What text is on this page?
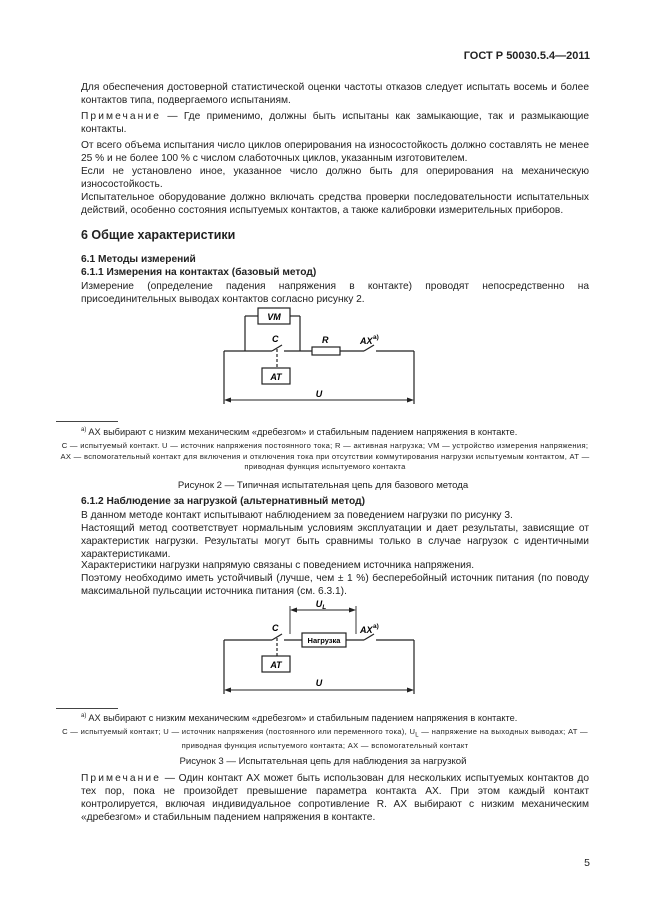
ГОСТ Р 50030.5.4—2011

Для обеспечения достоверной статистической оценки частоты отказов следует испытать восемь и более контактов типа, подвергаемого испытаниям.

Примечание — Где применимо, должны быть испытаны как замыкающие, так и размыкающие контакты.

От всего объема испытания число циклов оперирования на износостойкость должно составлять не менее 25 % и не более 100 % с числом слаботочных циклов, указанным изготовителем.

Если не установлено иное, указанное число должно быть для оперирования на механическую износостойкость.

Испытательное оборудование должно включать средства проверки последовательности испытательных действий, особенно состояния испытуемых контактов, а также калибровки измерительных приборов.

6 Общие характеристики
6.1 Методы измерений
6.1.1 Измерения на контактах (базовый метод)

Измерение (определение падения напряжения в контакте) проводят непосредственно на присоединительных выводах контактов согласно рисунку 2.

VM
C	R	AX a)
AT
U

$^{a)}$ AX выбирают с низким механическим «дребезгом» и стабильным падением напряжения в контакте.

C — испытуемый контакт. U — источник напряжения постоянного тока; R — активная нагрузка; VM — устройство измерения напряжения; AX — вспомогательный контакт для включения и отключения тока при отсутствии коммутирования нагрузки испытуемым контактом, AT — приводная функция испытуемого контакта

Рисунок 2 — Типичная испытательная цепь для базового метода

6.1.2 Наблюдение за нагрузкой (альтернативный метод)

В данном методе контакт испытывают наблюдением за поведением нагрузки по рисунку 3.

Настоящий метод соответствует нормальным условиям эксплуатации и дает результаты, зависящие от характеристик нагрузки. Результаты могут быть сравнимы только в случае нагрузок с идентичными характеристиками.

Характеристики нагрузки напрямую связаны с поведением источника напряжения.

Поэтому необходимо иметь устойчивый (лучше, чем ± 1 %) бесперебойный источник питания (по поводу максимальной пульсации источника питания (см. 6.3.1).

$U_L$
C
Нагрузка
AX a)
AT
U

$^{a)}$ AX выбирают с низким механическим «дребезгом» и стабильным падением напряжения в контакте.

C — испытуемый контакт; U — источник напряжения (постоянного или переменного тока), $U_L$ — напряжение на выходных выводах; AT — приводная функция испытуемого контакта; AX — вспомогательный контакт

Рисунок 3 — Испытательная цепь для наблюдения за нагрузкой

Примечание — Один контакт AX может быть использован для нескольких испытуемых контактов до тех пор, пока не произойдет превышение параметра контакта AX. При этом каждый контакт контролируется, включая индивидуальное сопротивление R. AX выбирают с низким механическим «дребезгом» и стабильным падением напряжения в контакте.

5
